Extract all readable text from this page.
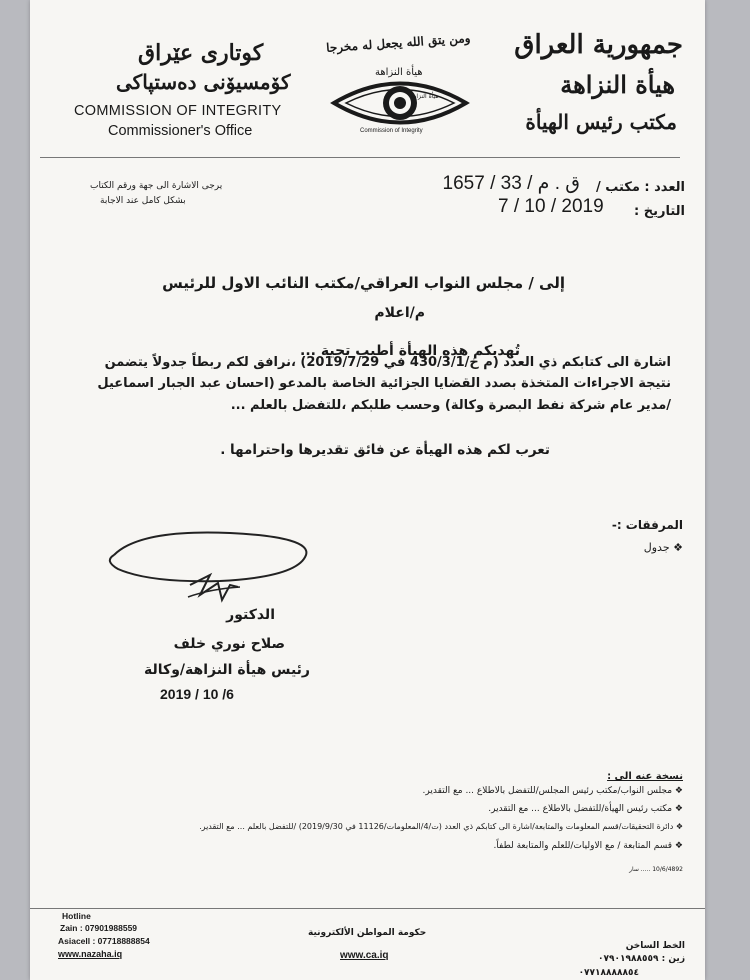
جمهورية العراق
هيأة النزاهة
مكتب رئيس الهيأة
کوتاری عێراق
کۆمسیۆنی دەستپاکی
COMMISSION OF INTEGRITY
Commissioner's Office
ومن يتق الله يجعل له مخرجا
هيأة النزاهة
هيأة النزاهة
Commission of Integrity
العدد : مكتب /
ق . م / 33 / 1657
التاريخ :
7 / 10 / 2019
يرجى الاشارة الى جهة ورقم الكتاب
بشكل كامل عند الاجابة
إلى / مجلس النواب العراقي/مكتب النائب الاول للرئيس
م/اعلام
تُهديكم هذه الهيأة أطيب تحية ...
اشارة الى كتابكم ذي العدد (م خ/430/3/1 في 2019/7/29) ،نرافق لكم ربطاً جدولاً يتضمن
نتيجة الاجراءات المتخذة بصدد القضايا الجزائية الخاصة بالمدعو (احسان عبد الجبار اسماعيل
/مدير عام شركة نفط البصرة وكالة) وحسب طلبكم ،للتفضل بالعلم ...
تعرب لكم هذه الهيأة عن فائق تقديرها واحترامها .
المرفقات :-
❖ جدول
الدكتور
صلاح نوري خلف
رئيس هيأة النزاهة/وكالة
2019 / 10 /6
نسخة عنه الى :
❖ مجلس النواب/مكتب رئيس المجلس/للتفضل بالاطلاع ... مع التقدير.
❖ مكتب رئيس الهيأة/للتفضل بالاطلاع ... مع التقدير.
❖ دائرة التحقيقات/قسم المعلومات والمتابعة/اشارة الى كتابكم ذي العدد (ت/4/المعلومات/11126 في 2019/9/30) /للتفضل بالعلم ... مع التقدير.
❖ قسم المتابعة / مع الاوليات/للعلم والمتابعة لطفاً.
10/6/4892 ..... سار
Hotline
Zain : 07901988559
Asiacell : 07718888854
www.nazaha.iq
حكومة المواطن الألكترونية
www.ca.iq
الخط الساخن
زين : ٠٧٩٠١٩٨٨٥٥٩
٠٧٧١٨٨٨٨٨٥٤
